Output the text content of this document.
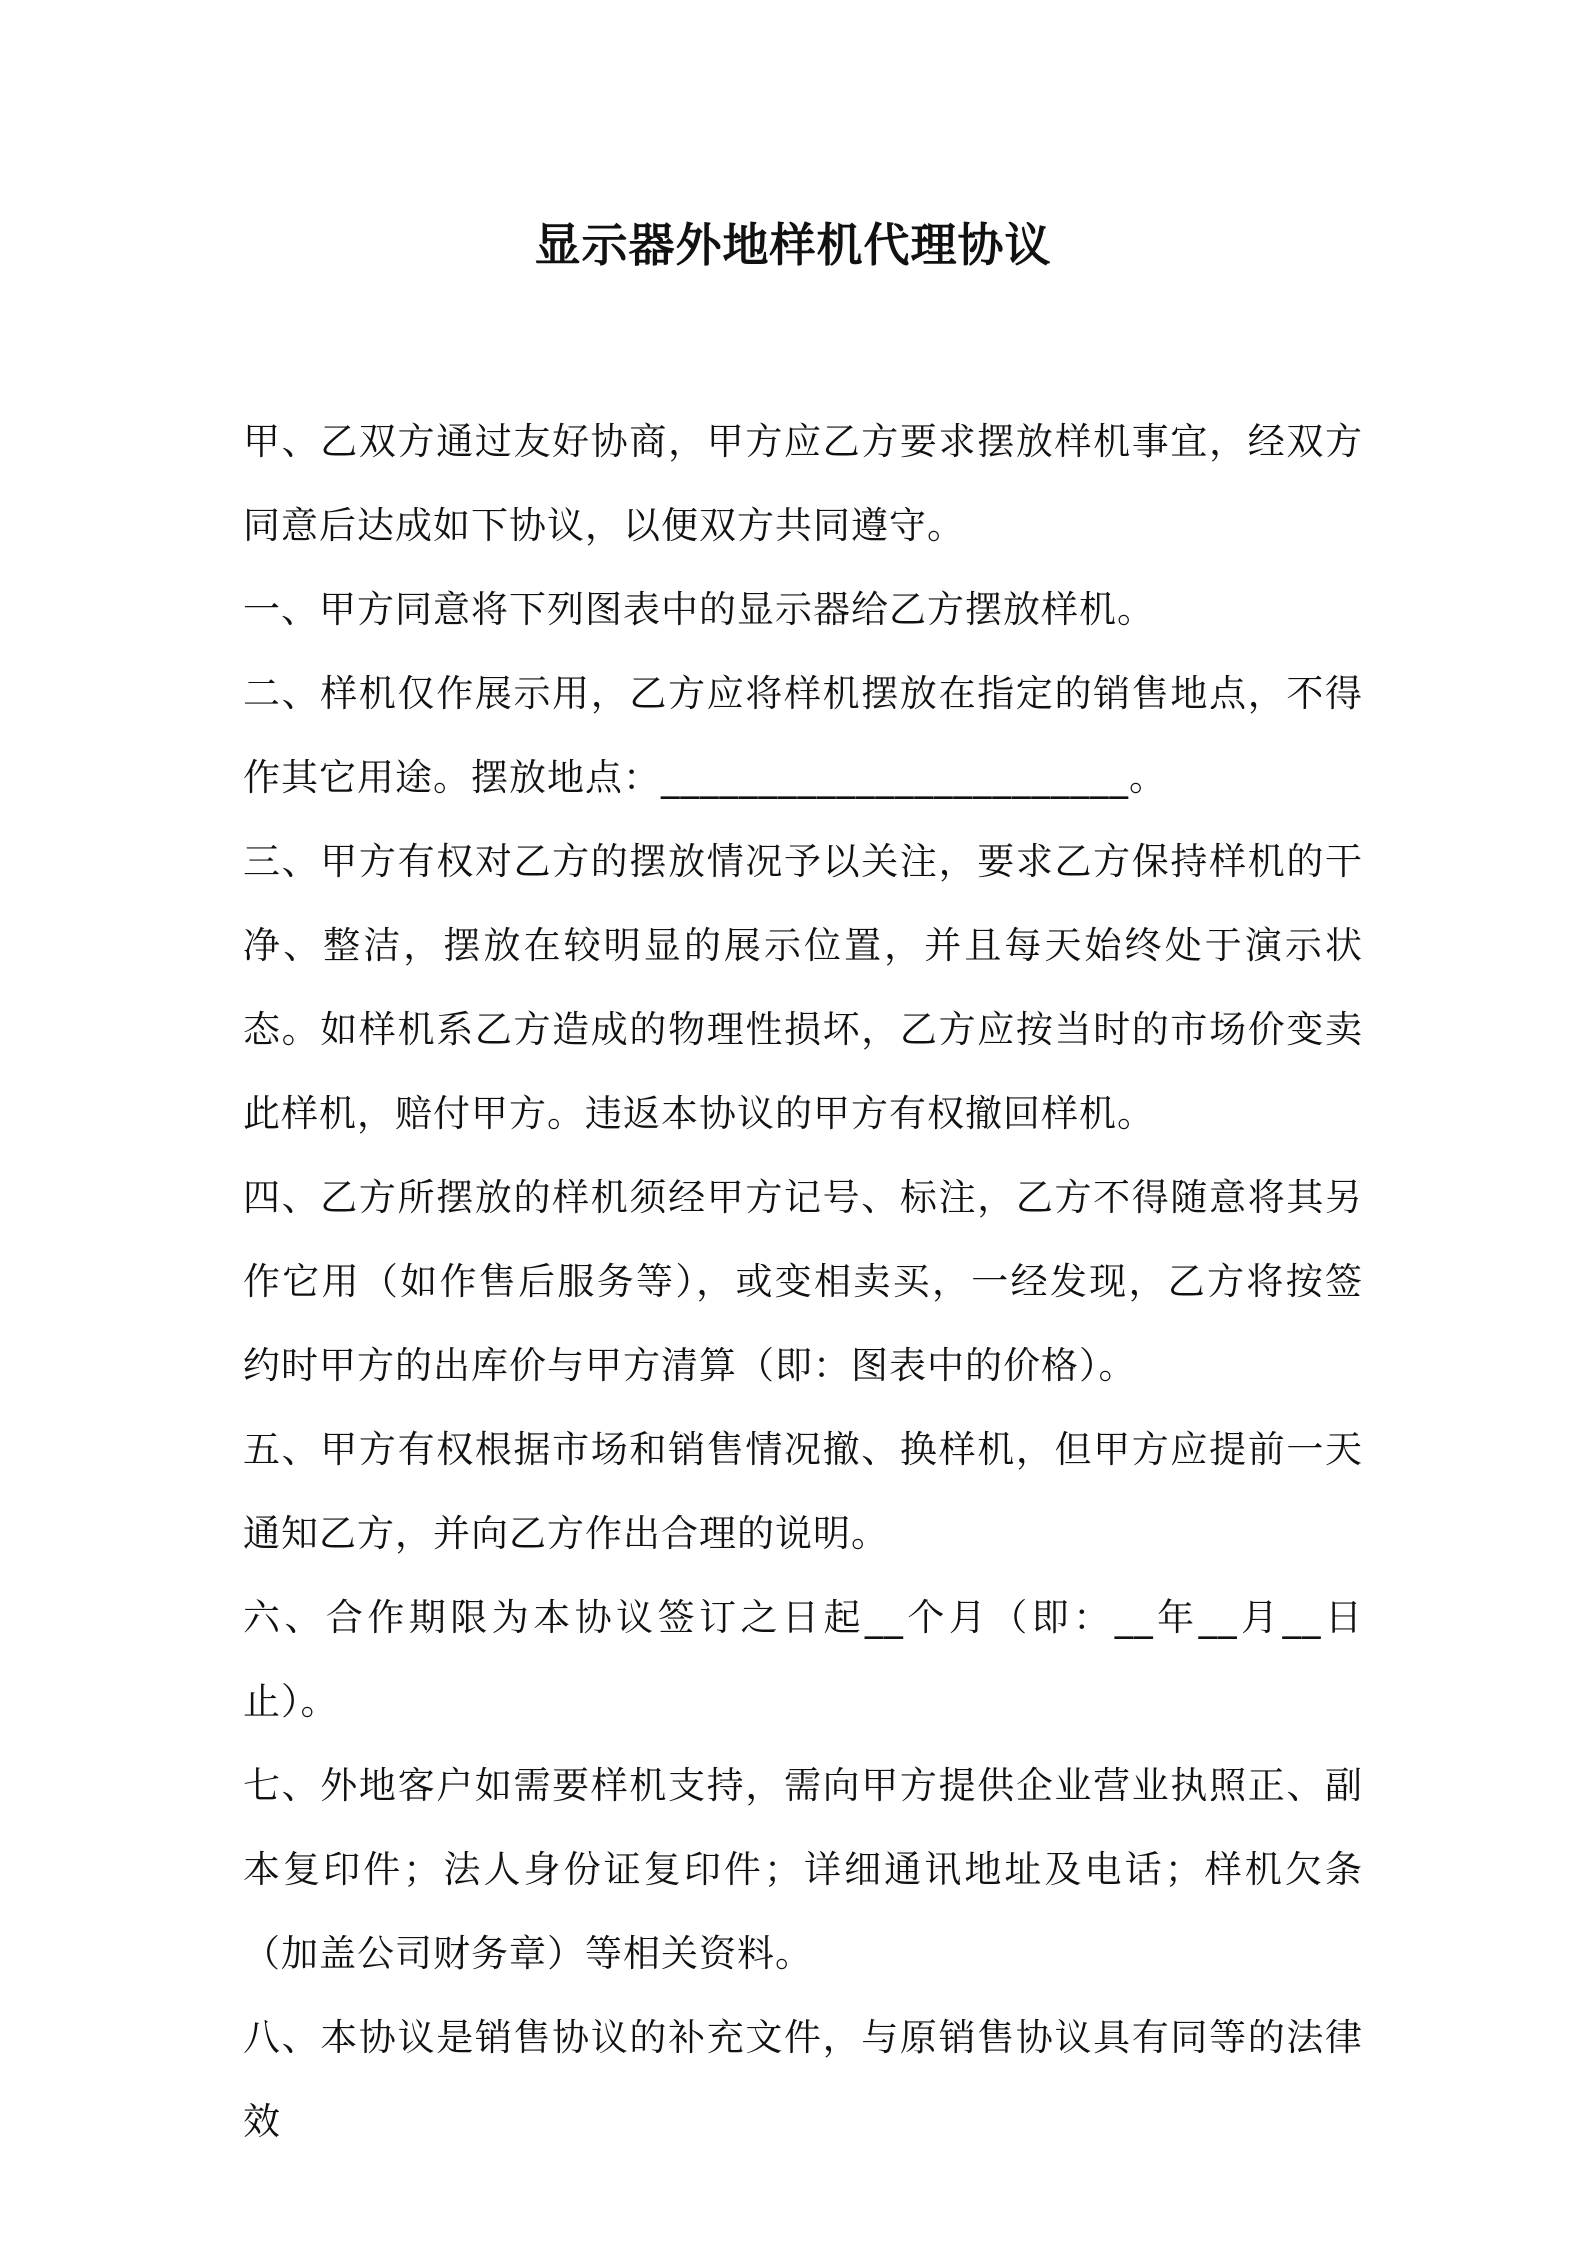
显示器外地样机代理协议

甲、乙双方通过友好协商，甲方应乙方要求摆放样机事宜，经双方同意后达成如下协议，以便双方共同遵守。

一、甲方同意将下列图表中的显示器给乙方摆放样机。

二、样机仅作展示用，乙方应将样机摆放在指定的销售地点，不得作其它用途。摆放地点：________________________。

三、甲方有权对乙方的摆放情况予以关注，要求乙方保持样机的干净、整洁，摆放在较明显的展示位置，并且每天始终处于演示状态。如样机系乙方造成的物理性损坏，乙方应按当时的市场价变卖此样机，赔付甲方。违返本协议的甲方有权撤回样机。

四、乙方所摆放的样机须经甲方记号、标注，乙方不得随意将其另作它用（如作售后服务等），或变相卖买，一经发现，乙方将按签约时甲方的出库价与甲方清算（即：图表中的价格）。

五、甲方有权根据市场和销售情况撤、换样机，但甲方应提前一天通知乙方，并向乙方作出合理的说明。

六、合作期限为本协议签订之日起__个月（即：__年__月__日止）。

七、外地客户如需要样机支持，需向甲方提供企业营业执照正、副本复印件；法人身份证复印件；详细通讯地址及电话；样机欠条（加盖公司财务章）等相关资料。

八、本协议是销售协议的补充文件，与原销售协议具有同等的法律效
